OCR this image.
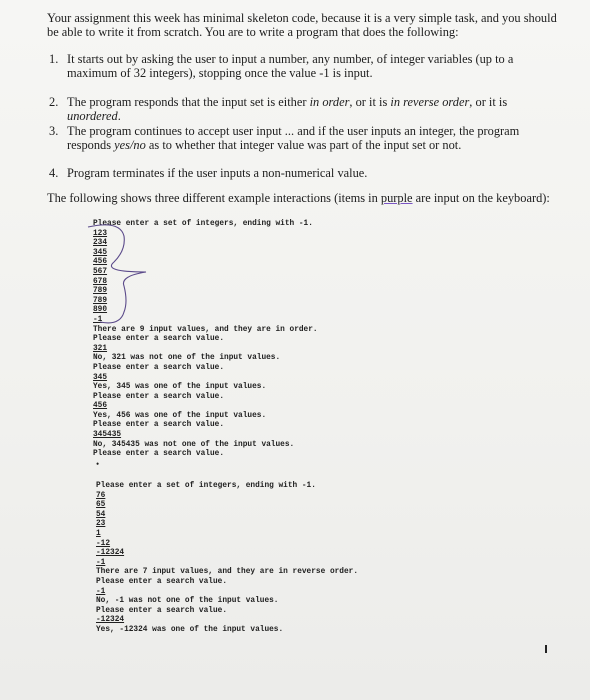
Your assignment this week has minimal skeleton code, because it is a very simple task, and you should be able to write it from scratch. You are to write a program that does the following:
1. It starts out by asking the user to input a number, any number, of integer variables (up to a maximum of 32 integers), stopping once the value -1 is input.
2. The program responds that the input set is either in order, or it is in reverse order, or it is unordered.
3. The program continues to accept user input ... and if the user inputs an integer, the program responds yes/no as to whether that integer value was part of the input set or not.
4. Program terminates if the user inputs a non-numerical value.
The following shows three different example interactions (items in purple are input on the keyboard):
Please enter a set of integers, ending with -1.
123
234
345
456
567
678
789
789
890
-1
There are 9 input values, and they are in order.
Please enter a search value.
321
No, 321 was not one of the input values.
Please enter a search value.
345
Yes, 345 was one of the input values.
Please enter a search value.
456
Yes, 456 was one of the input values.
Please enter a search value.
345435
No, 345435 was not one of the input values.
Please enter a search value.
•
Please enter a set of integers, ending with -1.
76
65
54
23
1
-12
-12324
-1
There are 7 input values, and they are in reverse order.
Please enter a search value.
-1
No, -1 was not one of the input values.
Please enter a search value.
-12324
Yes, -12324 was one of the input values.
